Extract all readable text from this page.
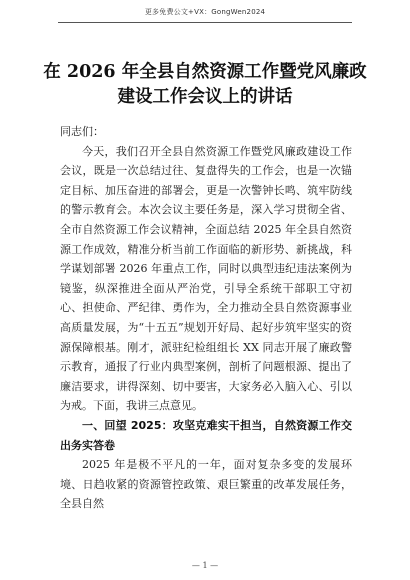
更多免费公文+VX：GongWen2024
在 2026 年全县自然资源工作暨党风廉政
建设工作会议上的讲话

同志们：

今天，我们召开全县自然资源工作暨党风廉政建设工作会议，既是一次总结过往、复盘得失的工作会，也是一次锚定目标、加压奋进的部署会，更是一次警钟长鸣、筑牢防线的警示教育会。本次会议主要任务是，深入学习贯彻全省、全市自然资源工作会议精神，全面总结 2025 年全县自然资源工作成效，精准分析当前工作面临的新形势、新挑战，科学谋划部署 2026 年重点工作，同时以典型违纪违法案例为镜鉴，纵深推进全面从严治党，引导全系统干部职工守初心、担使命、严纪律、勇作为，全力推动全县自然资源事业高质量发展，为“十五五”规划开好局、起好步筑牢坚实的资源保障根基。刚才，派驻纪检组组长 XX 同志开展了廉政警示教育，通报了行业内典型案例，剖析了问题根源、提出了廉洁要求，讲得深刻、切中要害，大家务必入脑入心、引以为戒。下面，我讲三点意见。

一、回望 2025：攻坚克难实干担当，自然资源工作交出务实答卷

2025 年是极不平凡的一年，面对复杂多变的发展环境、日趋收紧的资源管控政策、艰巨繁重的改革发展任务，全县自然

— 1 —
